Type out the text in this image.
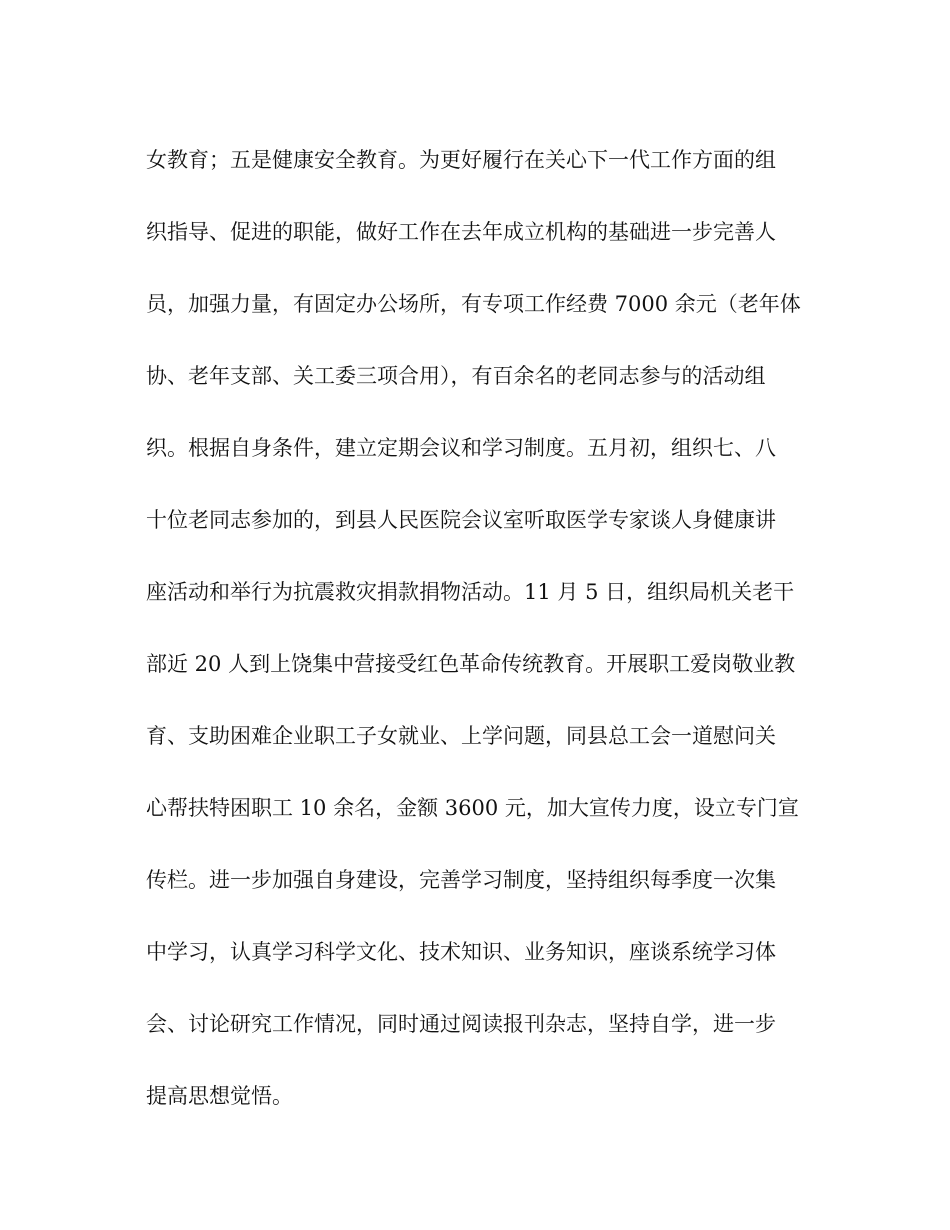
女教育；五是健康安全教育。为更好履行在关心下一代工作方面的组
织指导、促进的职能，做好工作在去年成立机构的基础进一步完善人
员，加强力量，有固定办公场所，有专项工作经费 7000 余元（老年体
协、老年支部、关工委三项合用），有百余名的老同志参与的活动组
织。根据自身条件，建立定期会议和学习制度。五月初，组织七、八
十位老同志参加的，到县人民医院会议室听取医学专家谈人身健康讲
座活动和举行为抗震救灾捐款捐物活动。11 月 5 日，组织局机关老干
部近 20 人到上饶集中营接受红色革命传统教育。开展职工爱岗敬业教
育、支助困难企业职工子女就业、上学问题，同县总工会一道慰问关
心帮扶特困职工 10 余名，金额 3600 元，加大宣传力度，设立专门宣
传栏。进一步加强自身建设，完善学习制度，坚持组织每季度一次集
中学习，认真学习科学文化、技术知识、业务知识，座谈系统学习体
会、讨论研究工作情况，同时通过阅读报刊杂志，坚持自学，进一步
提高思想觉悟。
